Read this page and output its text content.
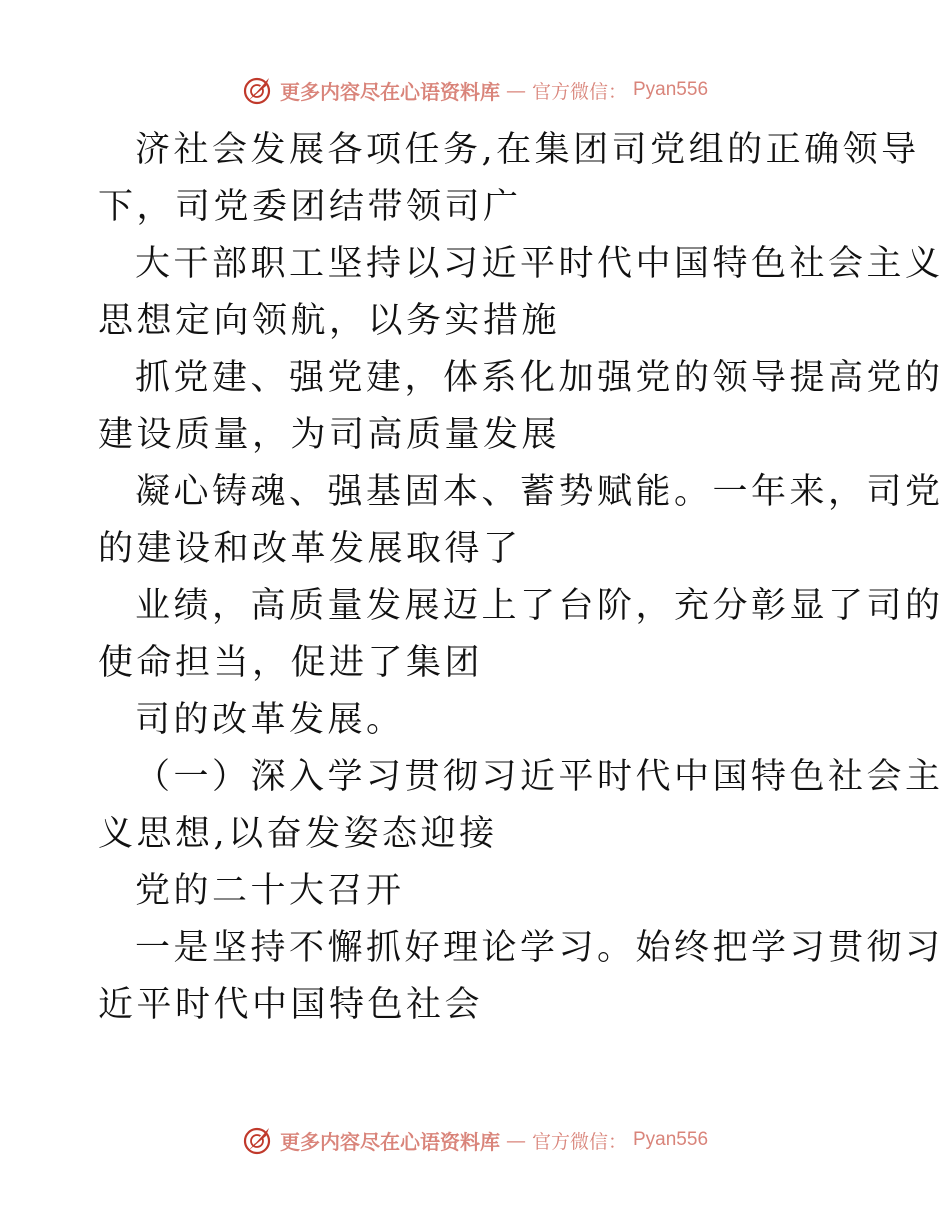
更多内容尽在心语资料库 — 官方微信： Pyan556

济社会发展各项任务,在集团司党组的正确领导
下，司党委团结带领司广

大干部职工坚持以习近平时代中国特色社会主义
思想定向领航，以务实措施

抓党建、强党建，体系化加强党的领导提高党的
建设质量，为司高质量发展

凝心铸魂、强基固本、蓄势赋能。一年来，司党
的建设和改革发展取得了

业绩，高质量发展迈上了台阶，充分彰显了司的
使命担当，促进了集团

司的改革发展。

（一）深入学习贯彻习近平时代中国特色社会主
义思想,以奋发姿态迎接

党的二十大召开

一是坚持不懈抓好理论学习。始终把学习贯彻习
近平时代中国特色社会

更多内容尽在心语资料库 — 官方微信： Pyan556
